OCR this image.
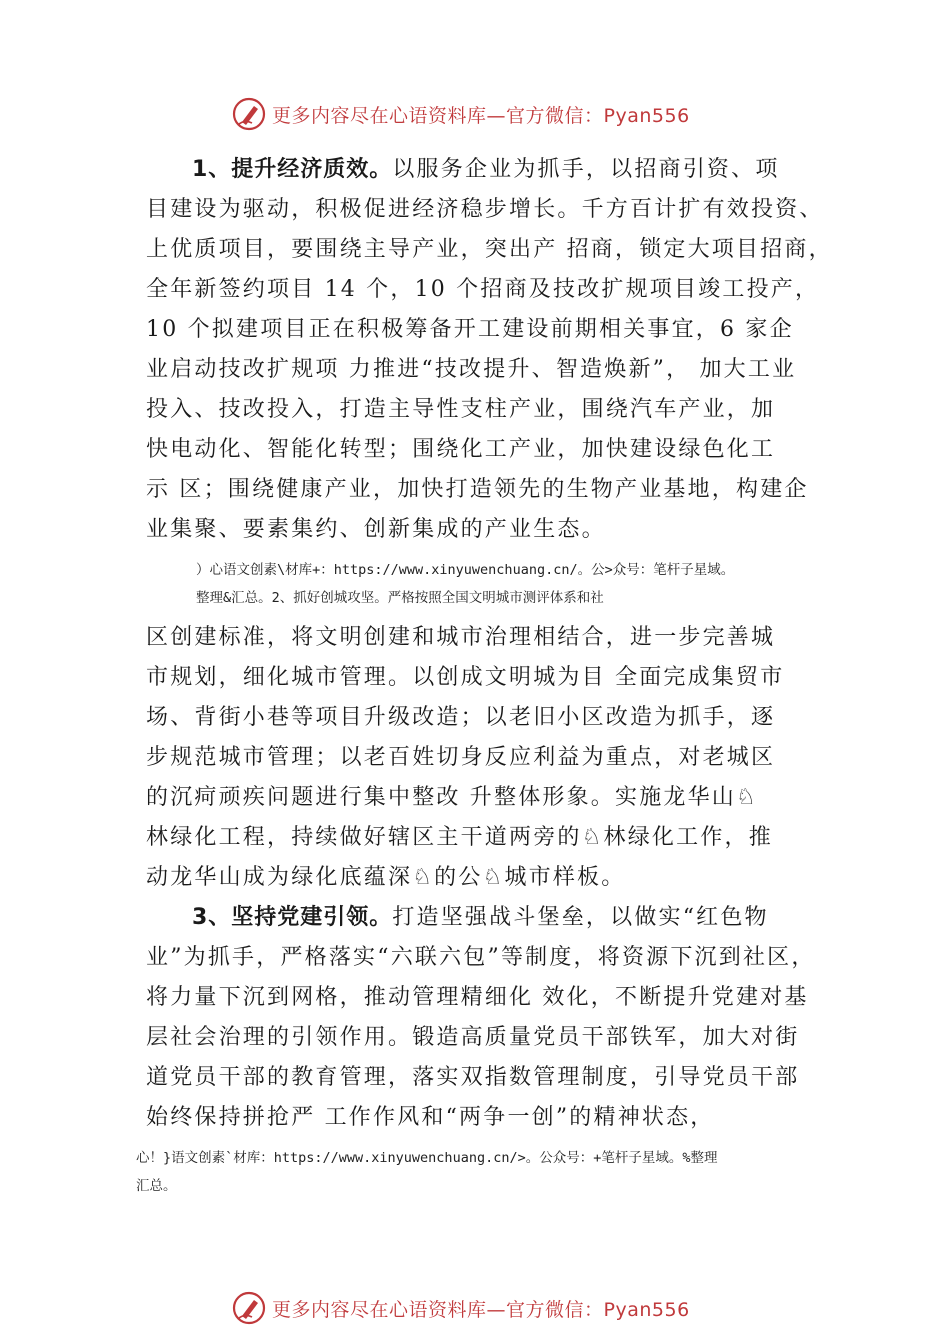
更多内容尽在心语资料库—官方微信：Pyan556
1、提升经济质效。以服务企业为抓手，以招商引资、项
目建设为驱动，积极促进经济稳步增长。千方百计扩有效投资、
上优质项目，要围绕主导产业，突出产 招商，锁定大项目招商，
全年新签约项目 14 个，10 个招商及技改扩规项目竣工投产，
10 个拟建项目正在积极筹备开工建设前期相关事宜，6 家企
业启动技改扩规项 力推进“技改提升、智造焕新”， 加大工业
投入、技改投入，打造主导性支柱产业，围绕汽车产业，加
快电动化、智能化转型；围绕化工产业，加快建设绿色化工
示 区；围绕健康产业，加快打造领先的生物产业基地，构建企
业集聚、要素集约、创新集成的产业生态。
）心语文创素\材库+：https://www.xinyuwenchuang.cn/。公>众号：笔杆子星域。
整理&汇总。2、抓好创城攻坚。严格按照全国文明城市测评体系和社
区创建标准，将文明创建和城市治理相结合，进一步完善城
市规划，细化城市管理。以创成文明城为目 全面完成集贸市
场、背街小巷等项目升级改造；以老旧小区改造为抓手，逐
步规范城市管理；以老百姓切身反应利益为重点，对老城区
的沉疴顽疾问题进行集中整改 升整体形象。实施龙华山♘
林绿化工程，持续做好辖区主干道两旁的♘林绿化工作，推
动龙华山成为绿化底蕴深♘的公♘城市样板。
3、坚持党建引领。打造坚强战斗堡垒，以做实“红色物
业”为抓手，严格落实“六联六包”等制度，将资源下沉到社区，
将力量下沉到网格，推动管理精细化 效化，不断提升党建对基
层社会治理的引领作用。锻造高质量党员干部铁军，加大对街
道党员干部的教育管理，落实双指数管理制度，引导党员干部
始终保持拼抢严 工作作风和“两争一创”的精神状态，
心！}语文创素`材库：https://www.xinyuwenchuang.cn/>。公众号：+笔杆子星域。%整理
汇总。
更多内容尽在心语资料库—官方微信：Pyan556
